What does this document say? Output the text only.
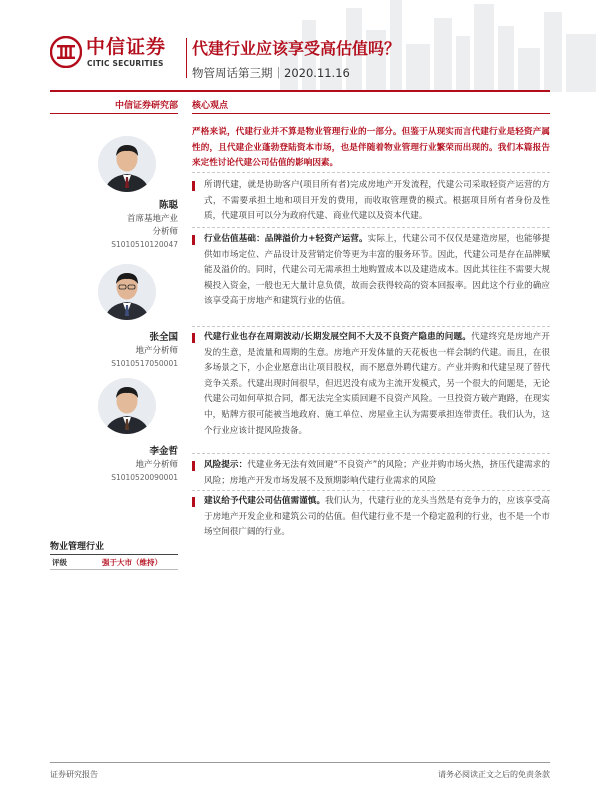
中信证券
CITIC SECURITIES
代建行业应该享受高估值吗？
物管周话第三期｜2020.11.16
中信证券研究部
陈聪
首席基地产业
分析师
S1010510120047
张全国
地产分析师
S1010517050001
李金哲
地产分析师
S1010520090001
物业管理行业
评级	强于大市（维持）
核心观点
严格来说，代建行业并不算是物业管理行业的一部分。但鉴于从现实而言代建行业是轻资产属性的，且代建企业蓬勃登陆资本市场，也是伴随着物业管理行业繁荣而出现的。我们本篇报告来定性讨论代建公司估值的影响因素。
所谓代建，就是协助客户(项目所有者)完成房地产开发流程，代建公司采取轻资产运营的方式，不需要承担土地和项目开发的费用，而收取管理费的模式。根据项目所有者身份及性质，代建项目可以分为政府代建、商业代建以及资本代建。
行业估值基础：品牌溢价力+轻资产运营。实际上，代建公司不仅仅是建造房屋，也能够提供如市场定位、产品设计及营销定价等更为丰富的服务环节。因此，代建公司是存在品牌赋能及溢价的。同时，代建公司无需承担土地购置成本以及建造成本。因此其往往不需要大规模投入资金，一般也无大量计息负债，故而会获得较高的资本回报率。因此这个行业的确应该享受高于房地产和建筑行业的估值。
代建行业也存在周期波动/长期发展空间不大及不良资产隐患的问题。代建终究是房地产开发的生意，是流量和周期的生意。房地产开发体量的天花板也一样会制约代建。而且，在很多场景之下，小企业愿意出让项目股权，而不愿意外聘代建方。产业并购和代建呈现了替代竞争关系。代建出现时间很早，但迟迟没有成为主流开发模式，另一个很大的问题是，无论代建公司如何草拟合同，都无法完全实质回避不良资产风险。一旦投资方破产跑路，在现实中，贴牌方很可能被当地政府、施工单位、房屋业主认为需要承担连带责任。我们认为，这个行业应该计提风险拨备。
风险提示：代建业务无法有效回避“不良资产”的风险；产业并购市场火热，挤压代建需求的风险；房地产开发市场发展不及预期影响代建行业需求的风险
建议给予代建公司估值需谨慎。我们认为，代建行业的龙头当然是有竞争力的，应该享受高于房地产开发企业和建筑公司的估值。但代建行业不是一个稳定盈利的行业，也不是一个市场空间很广阔的行业。
证券研究报告	请务必阅读正文之后的免责条款
